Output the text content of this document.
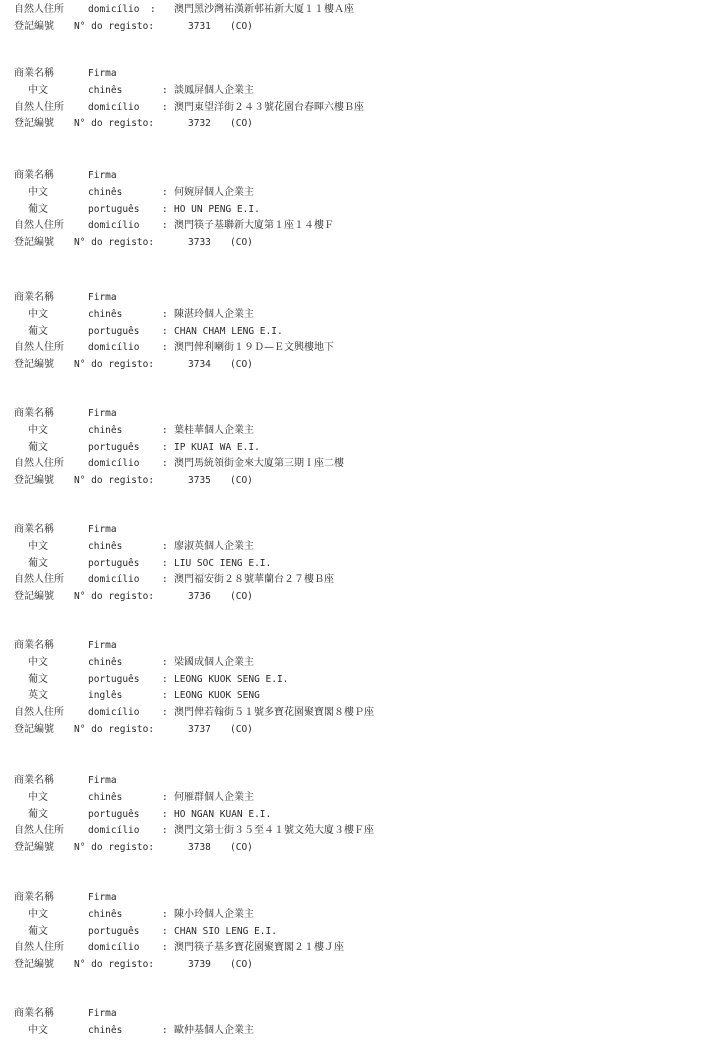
自然人住所	domicílio : 澳門黑沙灣祐漢新邨祐新大厦１１樓Ａ座
登記編號 N° do registo:	3731 (CO)
商業名稱	Firma
中文	chinês	: 談鳳屏個人企業主
自然人住所	domicílio : 澳門東望洋街２４３號花園台春暉六樓Ｂ座
登記編號 N° do registo:	3732 (CO)
商業名稱	Firma
中文	chinês	: 何婉屏個人企業主
葡文	português : HO UN PENG E.I.
自然人住所	domicílio : 澳門筷子基聯新大廈第１座１４樓Ｆ
登記編號 N° do registo:	3733 (CO)
商業名稱	Firma
中文	chinês	: 陳湛玲個人企業主
葡文	português : CHAN CHAM LENG E.I.
自然人住所	domicílio : 澳門俾利喇街１９Ｄ—Ｅ文興樓地下
登記編號 N° do registo:	3734 (CO)
商業名稱	Firma
中文	chinês	: 葉桂華個人企業主
葡文	português : IP KUAI WA E.I.
自然人住所	domicílio : 澳門馬統領街金來大廈第三期Ｉ座二樓
登記編號 N° do registo:	3735 (CO)
商業名稱	Firma
中文	chinês	: 廖淑英個人企業主
葡文	português : LIU SOC IENG E.I.
自然人住所	domicílio : 澳門福安街２８號華蘭台２７樓Ｂ座
登記編號 N° do registo:	3736 (CO)
商業名稱	Firma
中文	chinês	: 梁國成個人企業主
葡文	português : LEONG KUOK SENG E.I.
英文	inglês	: LEONG KUOK SENG
自然人住所	domicílio : 澳門俾若翰街５１號多寶花園聚寶閣８樓Ｐ座
登記編號 N° do registo:	3737 (CO)
商業名稱	Firma
中文	chinês	: 何雁群個人企業主
葡文	português : HO NGAN KUAN E.I.
自然人住所	domicílio : 澳門文第士街３５至４１號文苑大廈３樓Ｆ座
登記編號 N° do registo:	3738 (CO)
商業名稱	Firma
中文	chinês	: 陳小玲個人企業主
葡文	português : CHAN SIO LENG E.I.
自然人住所	domicílio : 澳門筷子基多寶花園聚寶閣２１樓Ｊ座
登記編號 N° do registo:	3739 (CO)
商業名稱	Firma
中文	chinês	: 歐仲基個人企業主
